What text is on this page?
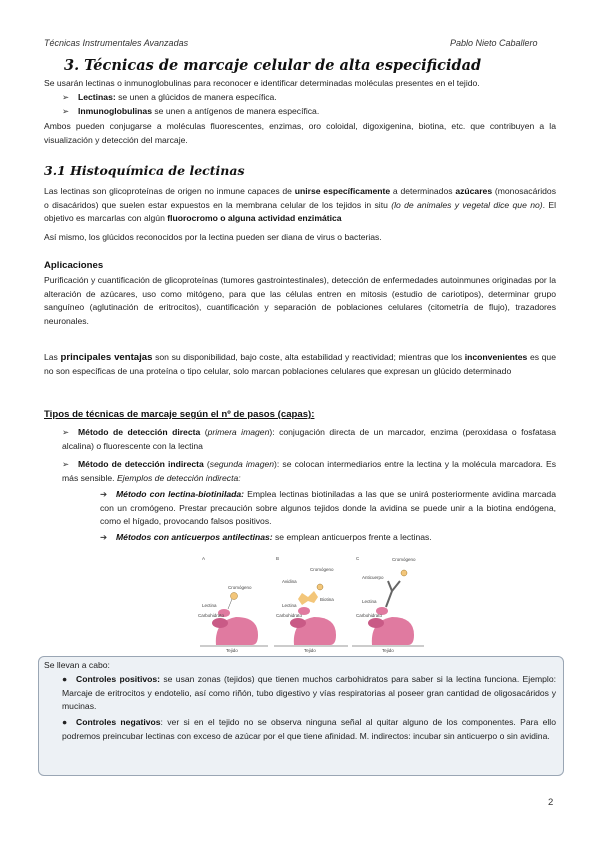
Técnicas Instrumentales Avanzadas	Pablo Nieto Caballero
3. Técnicas de marcaje celular de alta especificidad
Se usarán lectinas o inmunoglobulinas para reconocer e identificar determinadas moléculas presentes en el tejido.
➢ Lectinas: se unen a glúcidos de manera específica.
➢ Inmunoglobulinas se unen a antígenos de manera específica.
Ambos pueden conjugarse a moléculas fluorescentes, enzimas, oro coloidal, digoxigenina, biotina, etc. que contribuyen a la visualización y detección del marcaje.
3.1 Histoquímica de lectinas
Las lectinas son glicoproteínas de origen no inmune capaces de unirse específicamente a determinados azúcares (monosacáridos o disacáridos) que suelen estar expuestos en la membrana celular de los tejidos in situ (lo de animales y vegetal dice que no). El objetivo es marcarlas con algún fluorocromo o alguna actividad enzimática
Así mismo, los glúcidos reconocidos por la lectina pueden ser diana de virus o bacterias.
Aplicaciones
Purificación y cuantificación de glicoproteínas (tumores gastrointestinales), detección de enfermedades autoinmunes originadas por la alteración de azúcares, uso como mitógeno, para que las células entren en mitosis (estudio de cariotipos), determinar grupo sanguíneo (aglutinación de eritrocitos), cuantificación y separación de poblaciones celulares (citometría de flujo), trazadores neuronales.
Las principales ventajas son su disponibilidad, bajo coste, alta estabilidad y reactividad; mientras que los inconvenientes es que no son específicas de una proteína o tipo celular, solo marcan poblaciones celulares que expresan un glúcido determinado
Tipos de técnicas de marcaje según el nº de pasos (capas):
➢ Método de detección directa (primera imagen): conjugación directa de un marcador, enzima (peroxidasa o fosfatasa alcalina) o fluorescente con la lectina
➢ Método de detección indirecta (segunda imagen): se colocan intermediarios entre la lectina y la molécula marcadora. Es más sensible. Ejemplos de detección indirecta:
➔ Método con lectina-biotinilada: Emplea lectinas biotiniladas a las que se unirá posteriormente avidina marcada con un cromógeno. Prestar precaución sobre algunos tejidos donde la avidina se puede unir a la biotina endógena, como el hígado, provocando falsos positivos.
➔ Métodos con anticuerpos antilectinas: se emplean anticuerpos frente a lectinas.
A
Cromógeno
Lectina
Carbohidrato
Tejido
B
Cromógeno
Avidina
Biotina
Lectina
Carbohidrato
Tejido
C	Cromógeno
Anticuerpo
Lectina
Carbohidrato
Tejido
Se llevan a cabo:
● Controles positivos: se usan zonas (tejidos) que tienen muchos carbohidratos para saber si la lectina funciona. Ejemplo: Marcaje de eritrocitos y endotelio, así como riñón, tubo digestivo y vías respiratorias al poseer gran cantidad de oligosacáridos y mucinas.
● Controles negativos: ver si en el tejido no se observa ninguna señal al quitar alguno de los componentes. Para ello podremos preincubar lectinas con exceso de azúcar por el que tiene afinidad. M. indirectos: incubar sin anticuerpo o sin avidina.
2
